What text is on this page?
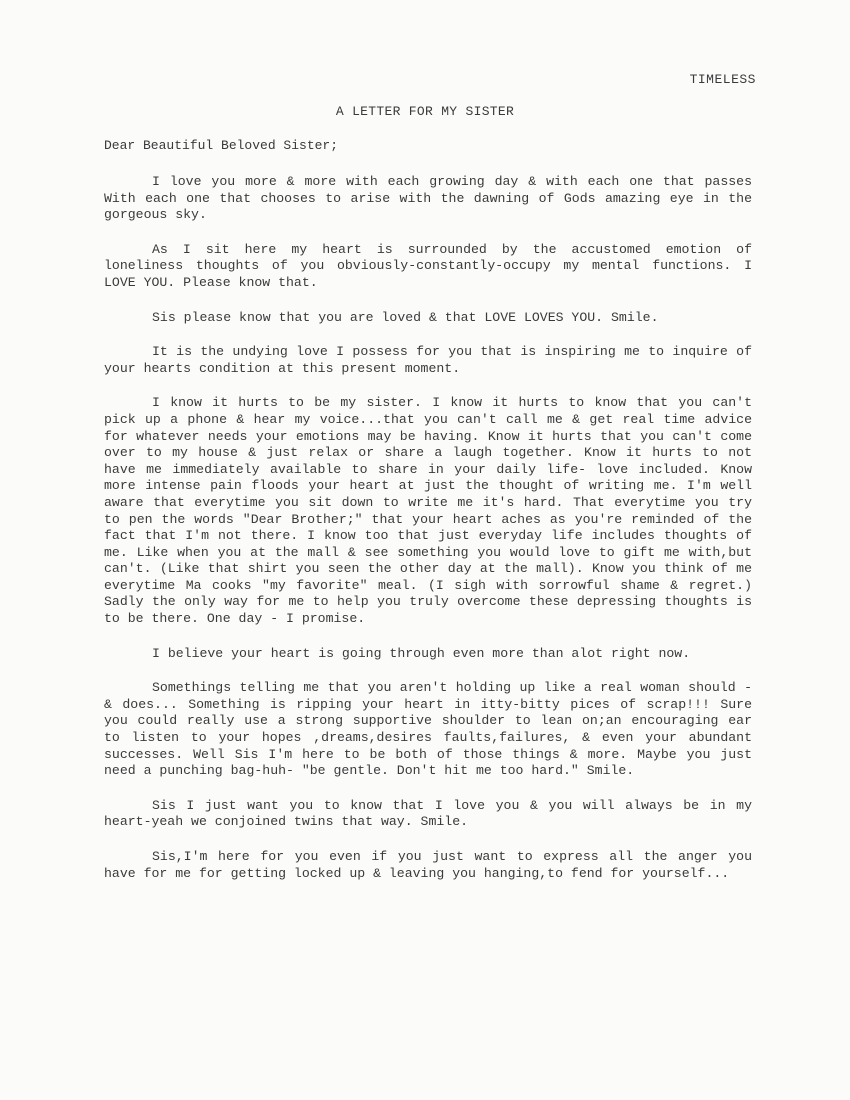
TIMELESS
A LETTER FOR MY SISTER
Dear Beautiful Beloved Sister;

I love you more & more with each growing day & with each one that passes With each one that chooses to arise with the dawning of Gods amazing eye in the gorgeous sky.

As I sit here my heart is surrounded by the accustomed emotion of loneliness thoughts of you obviously-constantly-occupy my mental functions. I LOVE YOU. Please know that.

Sis please know that you are loved & that LOVE LOVES YOU. Smile.

It is the undying love I possess for you that is inspiring me to inquire of your hearts condition at this present moment.

I know it hurts to be my sister. I know it hurts to know that you can't pick up a phone & hear my voice...that you can't call me & get real time advice for whatever needs your emotions may be having. Know it hurts that you can't come over to my house & just relax or share a laugh together. Know it hurts to not have me immediately available to share in your daily life- love included. Know more intense pain floods your heart at just the thought of writing me. I'm well aware that everytime you sit down to write me it's hard. That everytime you try to pen the words "Dear Brother;" that your heart aches as you're reminded of the fact that I'm not there. I know too that just everyday life includes thoughts of me. Like when you at the mall & see something you would love to gift me with,but can't. (Like that shirt you seen the other day at the mall). Know you think of me everytime Ma cooks "my favorite" meal. (I sigh with sorrowful shame & regret.) Sadly the only way for me to help you truly overcome these depressing thoughts is to be there. One day - I promise.

I believe your heart is going through even more than alot right now.

Somethings telling me that you aren't holding up like a real woman should - & does... Something is ripping your heart in itty-bitty pices of scrap!!! Sure you could really use a strong supportive shoulder to lean on;an encouraging ear to listen to your hopes ,dreams,desires faults,failures, & even your abundant successes. Well Sis I'm here to be both of those things & more. Maybe you just need a punching bag-huh- "be gentle. Don't hit me too hard." Smile.

Sis I just want you to know that I love you & you will always be in my heart-yeah we conjoined twins that way. Smile.

Sis,I'm here for you even if you just want to express all the anger you have for me for getting locked up & leaving you hanging,to fend for yourself...
